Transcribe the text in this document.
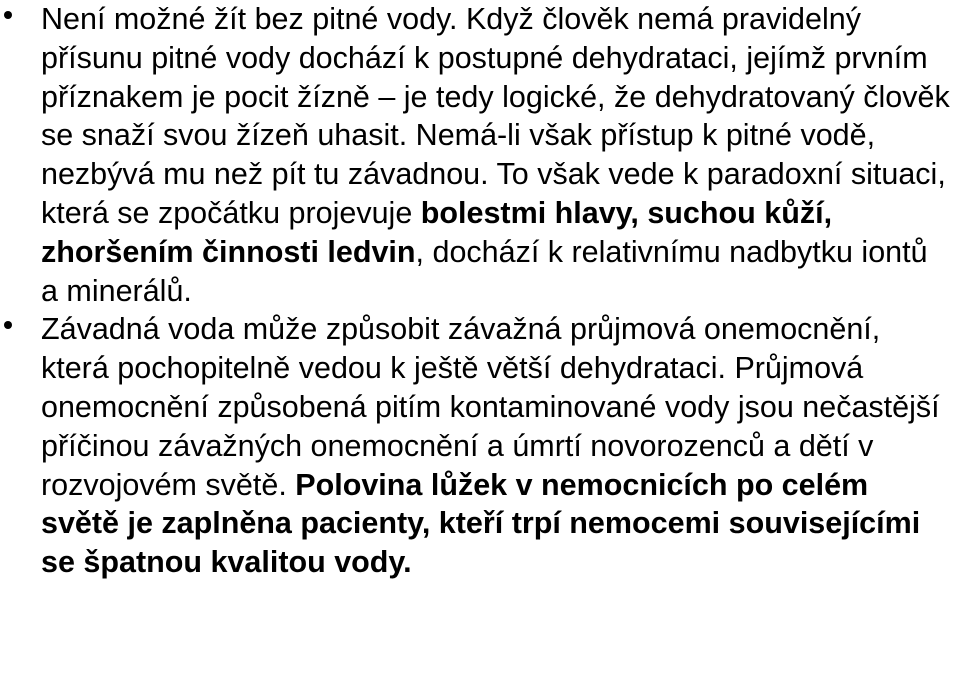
Není možné žít bez pitné vody. Když člověk nemá pravidelný přísunu pitné vody dochází k postupné dehydrataci, jejímž prvním příznakem je pocit žízně – je tedy logické, že dehydratovaný člověk se snaží svou žízeň uhasit. Nemá-li však přístup k pitné vodě, nezbývá mu než pít tu závadnou. To však vede k paradoxní situaci, která se zpočátku projevuje bolestmi hlavy, suchou kůží, zhoršením činnosti ledvin, dochází k relativnímu nadbytku iontů a minerálů.
Závadná voda může způsobit závažná průjmová onemocnění, která pochopitelně vedou k ještě větší dehydrataci. Průjmová onemocnění způsobená pitím kontaminované vody jsou nečastější příčinou závažných onemocnění a úmrtí novorozenců a dětí v rozvojovém světě. Polovina lůžek v nemocnicích po celém světě je zaplněna pacienty, kteří trpí nemocemi souvisejícími se špatnou kvalitou vody.
